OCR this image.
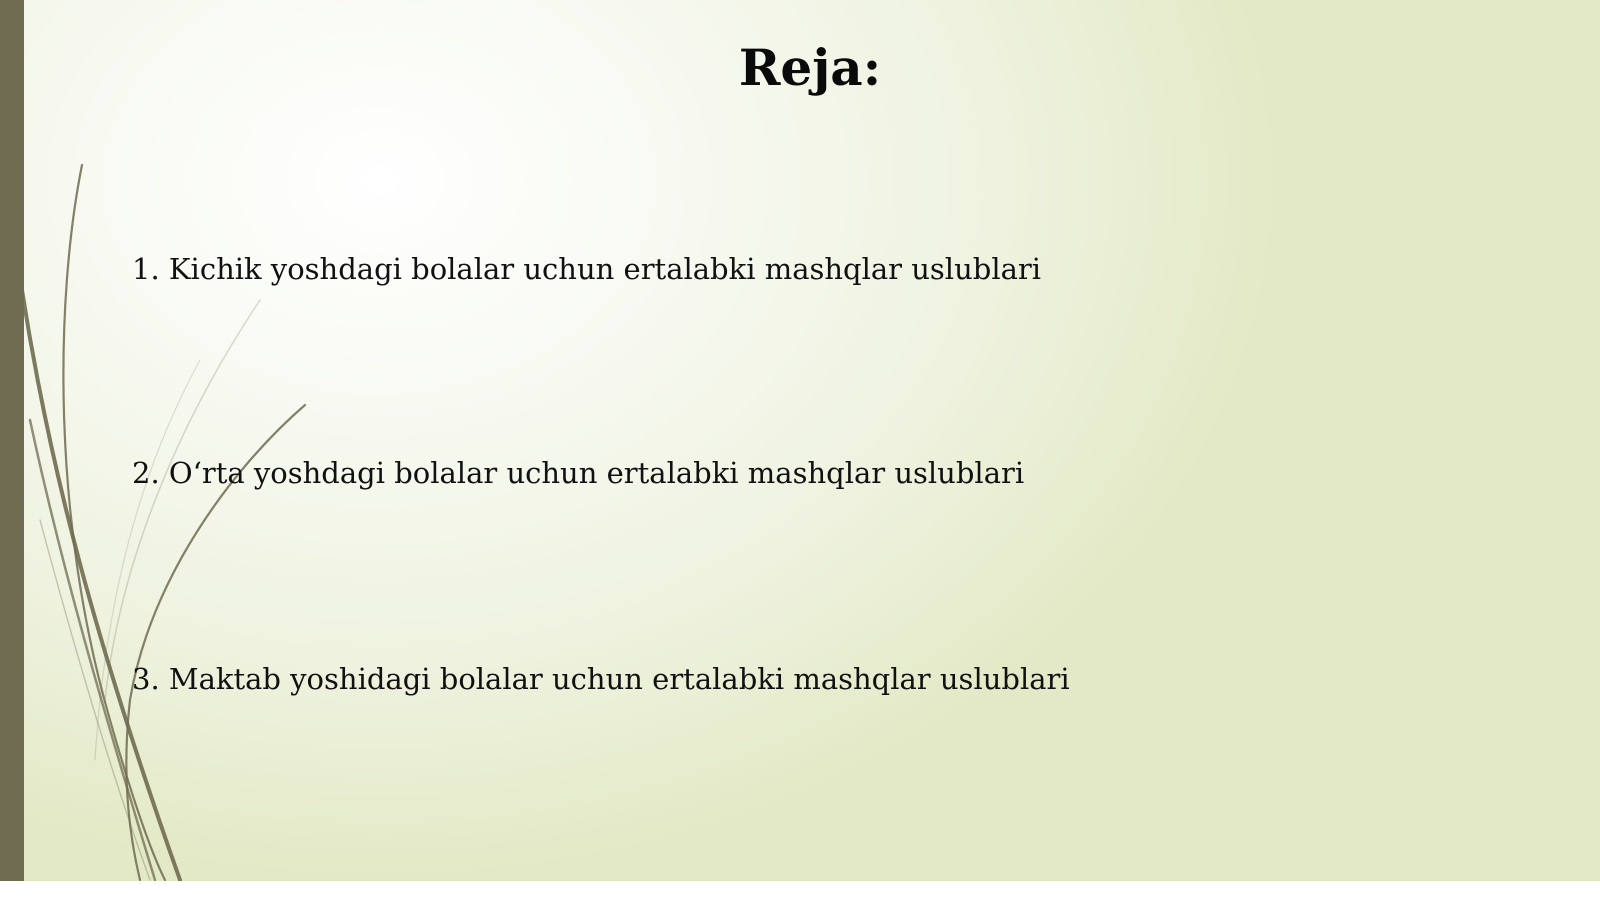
Reja:

1. Kichik yoshdagi bolalar uchun ertalabki mashqlar uslublari

2. O‘rta yoshdagi bolalar uchun ertalabki mashqlar uslublari

3. Maktab yoshidagi bolalar uchun ertalabki mashqlar uslublari
